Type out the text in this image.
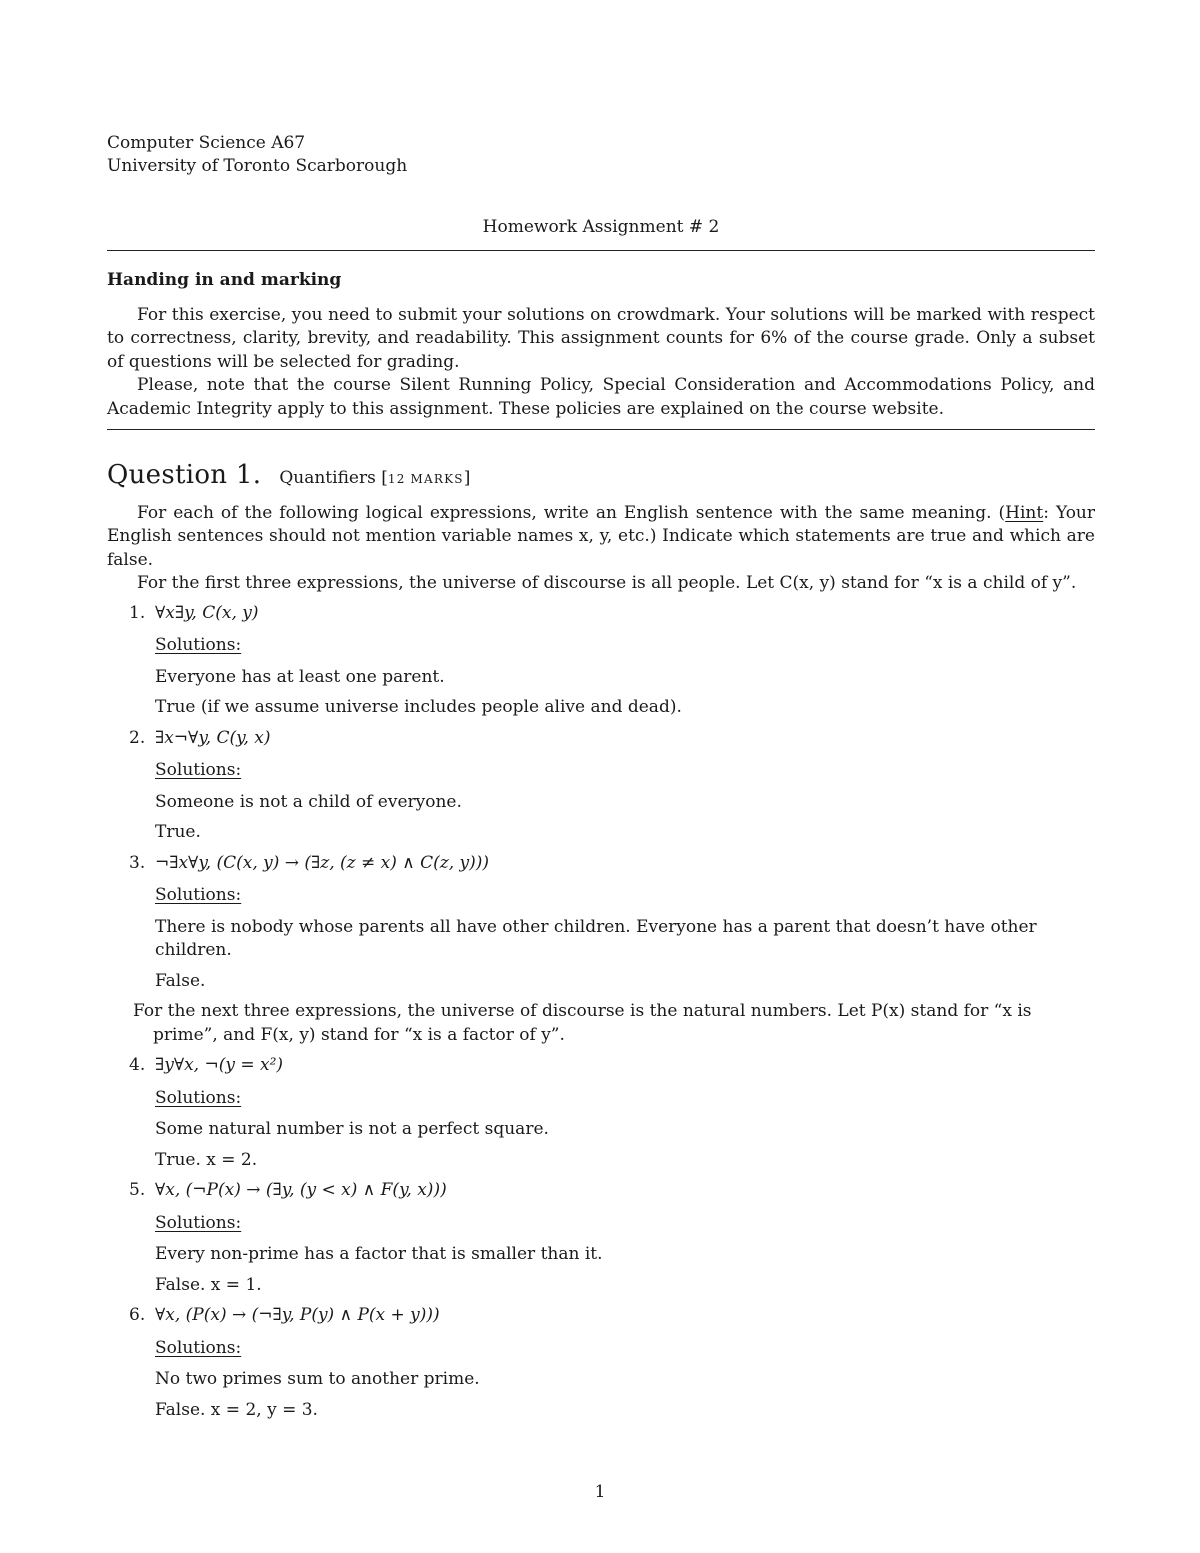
Computer Science A67
University of Toronto Scarborough
Homework Assignment # 2
Handing in and marking

For this exercise, you need to submit your solutions on crowdmark. Your solutions will be marked with respect to correctness, clarity, brevity, and readability. This assignment counts for 6% of the course grade. Only a subset of questions will be selected for grading.

Please, note that the course Silent Running Policy, Special Consideration and Accommodations Policy, and Academic Integrity apply to this assignment. These policies are explained on the course website.

Question 1. Quantifiers [12 MARKS]

For each of the following logical expressions, write an English sentence with the same meaning. (Hint: Your English sentences should not mention variable names x, y, etc.) Indicate which statements are true and which are false.

For the first three expressions, the universe of discourse is all people. Let C(x, y) stand for “x is a child of y”.

1. ∀x∃y, C(x, y)
Solutions:
Everyone has at least one parent.
True (if we assume universe includes people alive and dead).
2. ∃x¬∀y, C(y, x)
Solutions:
Someone is not a child of everyone.
True.
3. ¬∃x∀y, (C(x, y) → (∃z, (z ≠ x) ∧ C(z, y)))
Solutions:
There is nobody whose parents all have other children. Everyone has a parent that doesn’t have other children.
False.

For the next three expressions, the universe of discourse is the natural numbers. Let P(x) stand for “x is prime”, and F(x, y) stand for “x is a factor of y”.

4. ∃y∀x, ¬(y = x²)
Solutions:
Some natural number is not a perfect square.
True. x = 2.
5. ∀x, (¬P(x) → (∃y, (y < x) ∧ F(y, x)))
Solutions:
Every non-prime has a factor that is smaller than it.
False. x = 1.
6. ∀x, (P(x) → (¬∃y, P(y) ∧ P(x + y)))
Solutions:
No two primes sum to another prime.
False. x = 2, y = 3.
1
